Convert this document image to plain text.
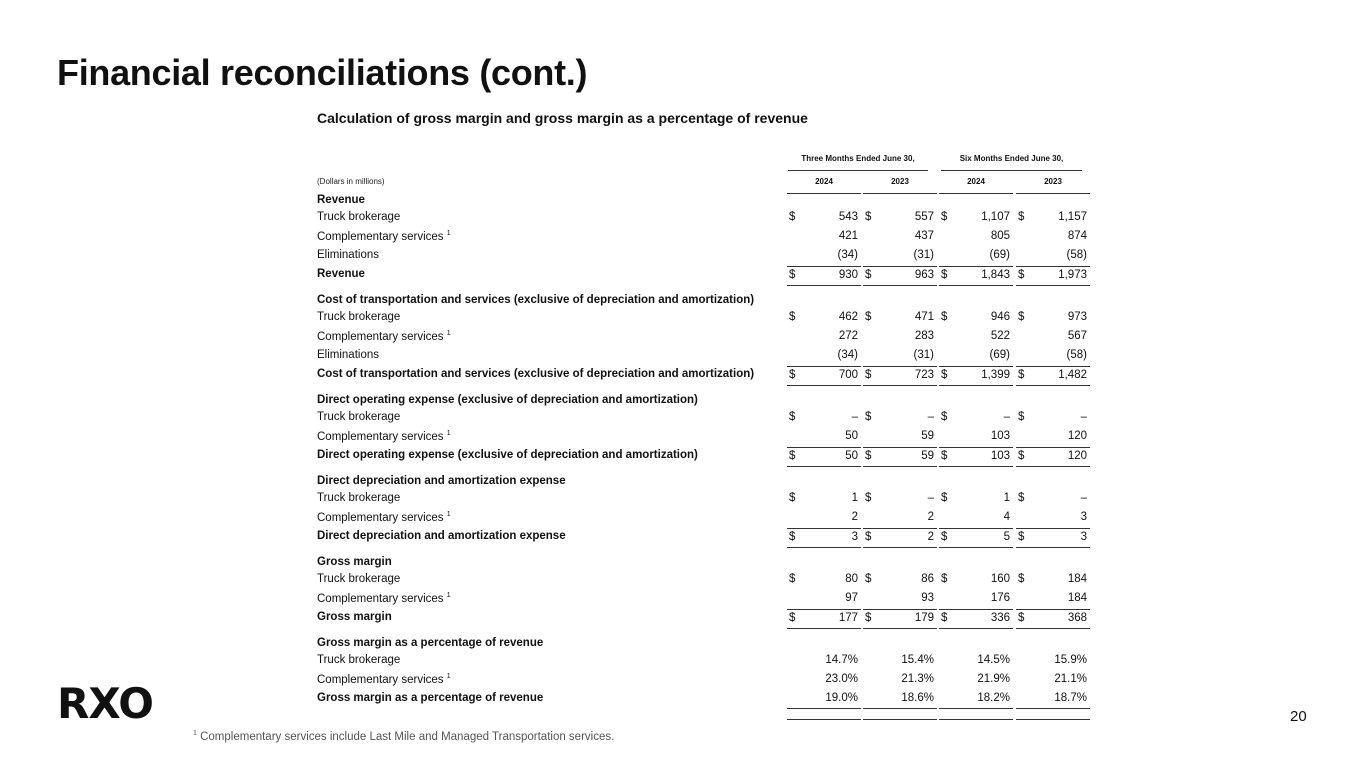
Financial reconciliations (cont.)
Calculation of gross margin and gross margin as a percentage of revenue
Three Months Ended June 30,	Six Months Ended June 30,
(Dollars in millions)	2024	2023	2024	2023
Revenue
Truck brokerage	$	543 $	557 $	1,107 $	1,157
Complementary services $^1$	421	437	805	874
Eliminations	(34)	(31)	(69)	(58)
Revenue	$	930 $	963 $	1,843 $	1,973
Cost of transportation and services (exclusive of depreciation and amortization)
Truck brokerage	$	462 $	471 $	946 $	973
Complementary services $^1$	272	283	522	567
Eliminations	(34)	(31)	(69)	(58)
Cost of transportation and services (exclusive of depreciation and amortization)	$	700 $	723 $	1,399 $	1,482
Direct operating expense (exclusive of depreciation and amortization)
Truck brokerage	$	– $	– $	– $	–
Complementary services $^1$	50	59	103	120
Direct operating expense (exclusive of depreciation and amortization)	$	50 $	59 $	103 $	120
Direct depreciation and amortization expense
Truck brokerage	$	1 $	– $	1 $	–
Complementary services $^1$	2	2	4	3
Direct depreciation and amortization expense	$	3 $	2 $	5 $	3
Gross margin
Truck brokerage	$	80 $	86 $	160 $	184
Complementary services $^1$	97	93	176	184
Gross margin	$	177 $	179 $	336 $	368
Gross margin as a percentage of revenue
Truck brokerage	14.7%	15.4%	14.5%	15.9%
Complementary services $^1$	23.0%	21.3%	21.9%	21.1%
Gross margin as a percentage of revenue	19.0%	18.6%	18.2%	18.7%
RXO	20
$^1$ Complementary services include Last Mile and Managed Transportation services.
